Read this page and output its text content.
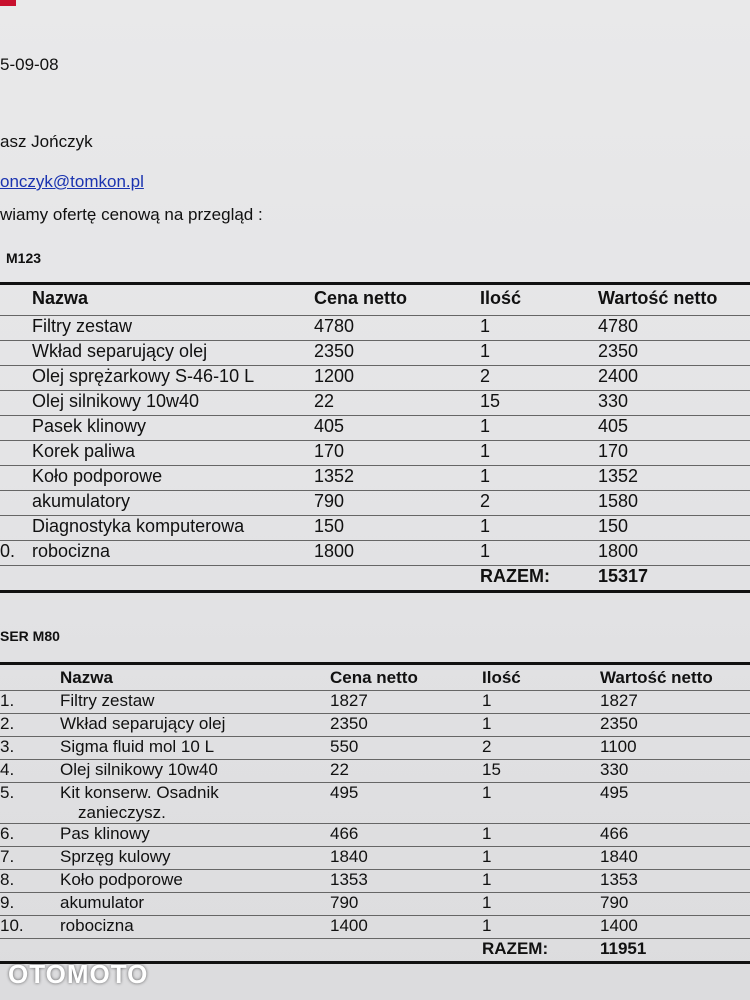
5-09-08
asz Jończyk
onczyk@tomkon.pl
wiamy ofertę cenową na przegląd :
M123
	Nazwa	Cena netto	Ilość	Wartość netto
	Filtry zestaw	4780	1	4780
	Wkład separujący olej	2350	1	2350
	Olej sprężarkowy S-46-10 L	1200	2	2400
	Olej silnikowy 10w40	22	15	330
	Pasek klinowy	405	1	405
	Korek paliwa	170	1	170
	Koło podporowe	1352	1	1352
	akumulatory	790	2	1580
	Diagnostyka komputerowa	150	1	150
0.	robocizna	1800	1	1800
			RAZEM:	15317
SER M80
	Nazwa	Cena netto	Ilość	Wartość netto
1.	Filtry zestaw	1827	1	1827
2.	Wkład separujący olej	2350	1	2350
3.	Sigma fluid mol 10 L	550	2	1100
4.	Olej silnikowy 10w40	22	15	330
5.	Kit konserw. Osadnik
zanieczysz.	495	1	495
6.	Pas klinowy	466	1	466
7.	Sprzęg kulowy	1840	1	1840
8.	Koło podporowe	1353	1	1353
9.	akumulator	790	1	790
10.	robocizna	1400	1	1400
			RAZEM:	11951
OTOMOTO
